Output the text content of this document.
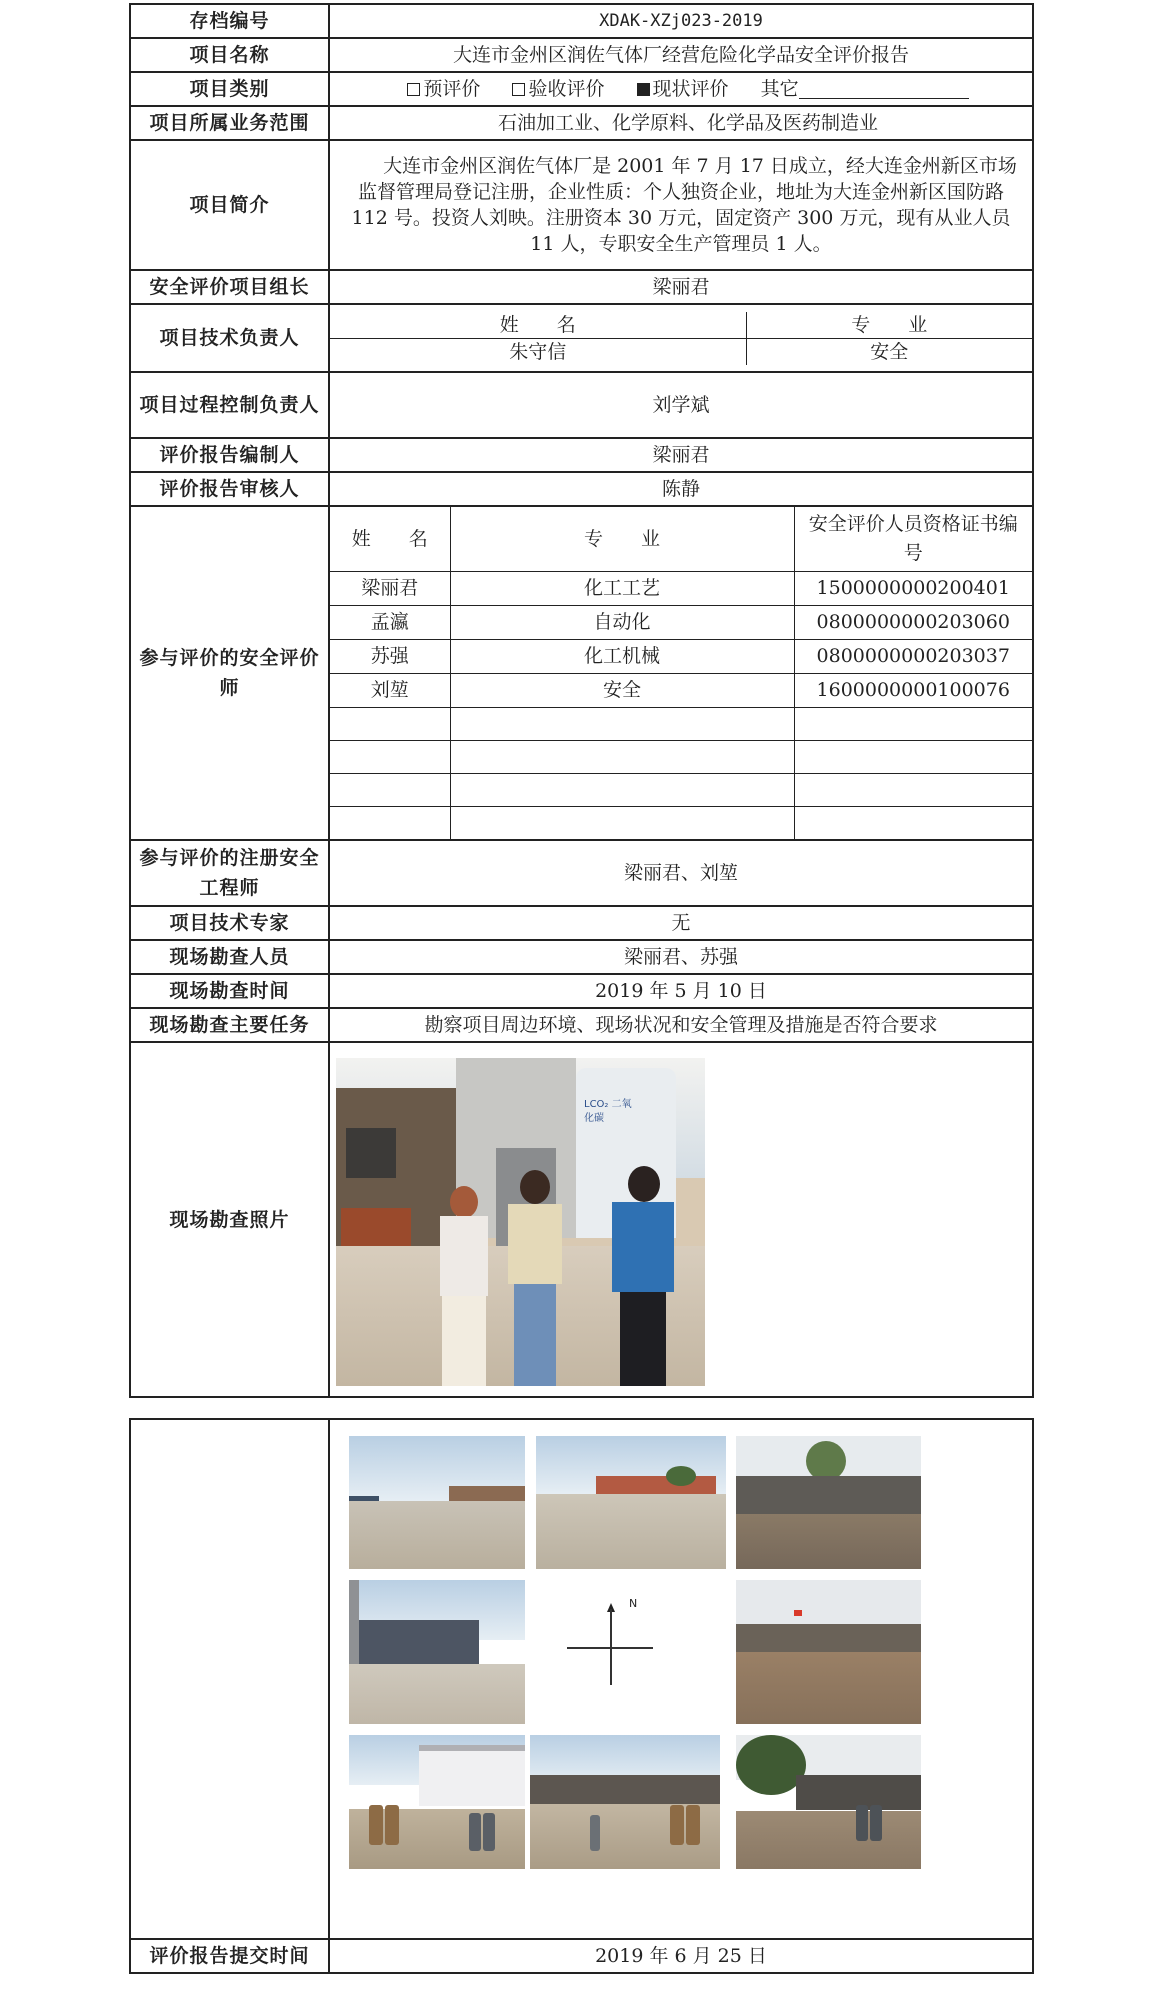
存档编号	XDAK-XZj023-2019
项目名称	大连市金州区润佐气体厂经营危险化学品安全评价报告
项目类别	预评价	验收评价	现状评价 其它
项目所属业务范围	石油加工业、化学原料、化学品及医药制造业
项目简介	大连市金州区润佐气体厂是 2001 年 7 月 17 日成立，经大连金州新区市场监督管理局登记注册，企业性质：个人独资企业，地址为大连金州新区国防路 112 号。投资人刘映。注册资本 30 万元，固定资产 300 万元，现有从业人员 11 人，专职安全生产管理员 1 人。
安全评价项目组长	梁丽君
项目技术负责人	
姓　　名	专　　业
朱守信	安全

项目过程控制负责人	刘学斌
评价报告编制人	梁丽君
评价报告审核人	陈静
参与评价的安全评价师	
姓　　名	专　　业	安全评价人员资格证书编号
梁丽君	化工工艺	1500000000200401
孟瀛	自动化	0800000000203060
苏强	化工机械	0800000000203037
刘堃	安全	1600000000100076

参与评价的注册安全工程师	梁丽君、刘堃
项目技术专家	无
现场勘查人员	梁丽君、苏强
现场勘查时间	2019 年 5 月 10 日
现场勘查主要任务	勘察项目周边环境、现场状况和安全管理及措施是否符合要求
现场勘查照片	
LCO₂ 二氧化碳

评价报告提交时间	2019 年 6 月 25 日
N
